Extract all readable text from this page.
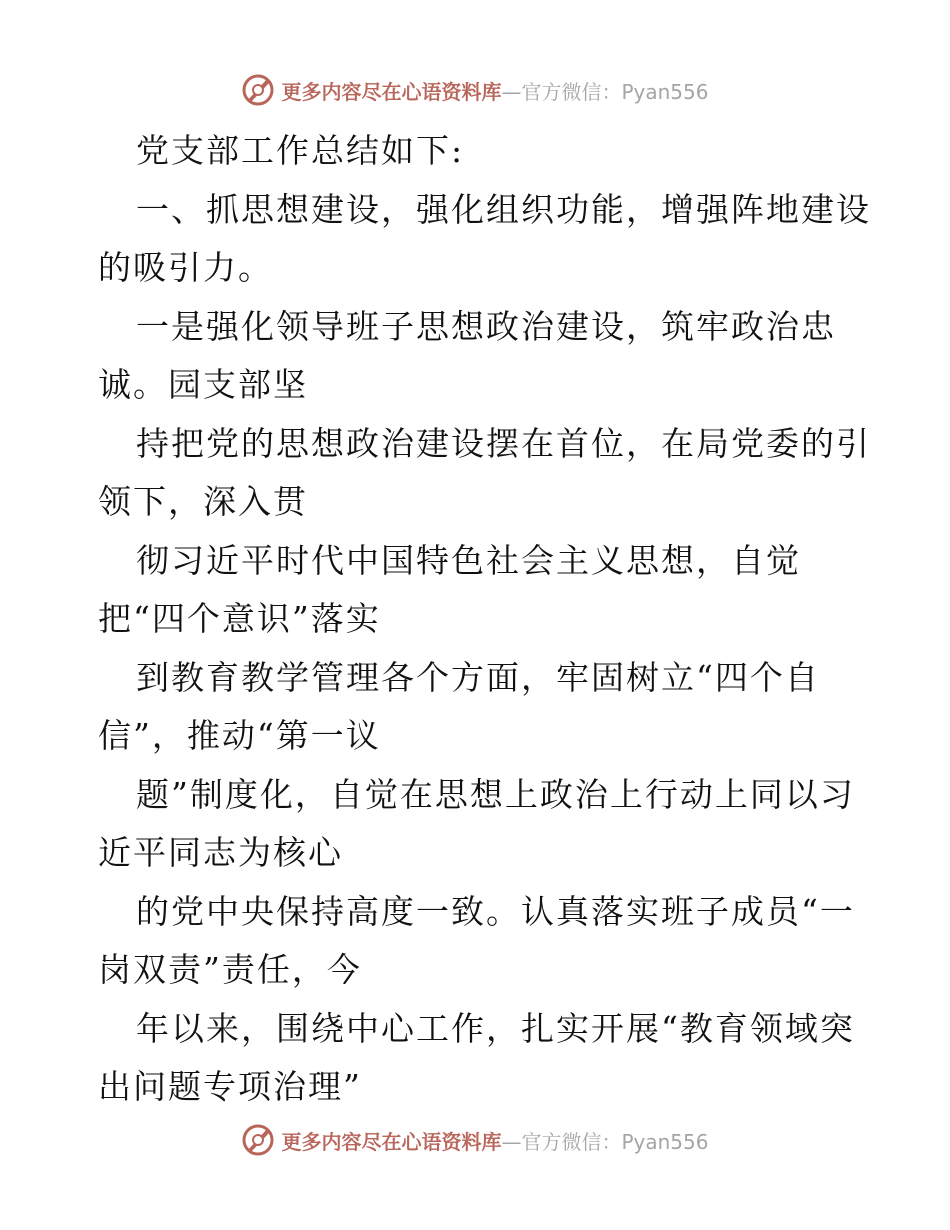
更多内容尽在心语资料库—官方微信：Pyan556
党支部工作总结如下:
一、抓思想建设，强化组织功能，增强阵地建设
的吸引力。
一是强化领导班子思想政治建设，筑牢政治忠
诚。园支部坚
持把党的思想政治建设摆在首位，在局党委的引
领下，深入贯
彻习近平时代中国特色社会主义思想，自觉
把“四个意识”落实
到教育教学管理各个方面，牢固树立“四个自
信”，推动“第一议
题”制度化，自觉在思想上政治上行动上同以习
近平同志为核心
的党中央保持高度一致。认真落实班子成员“一
岗双责”责任，今
年以来，围绕中心工作，扎实开展“教育领域突
出问题专项治理”
更多内容尽在心语资料库—官方微信：Pyan556
